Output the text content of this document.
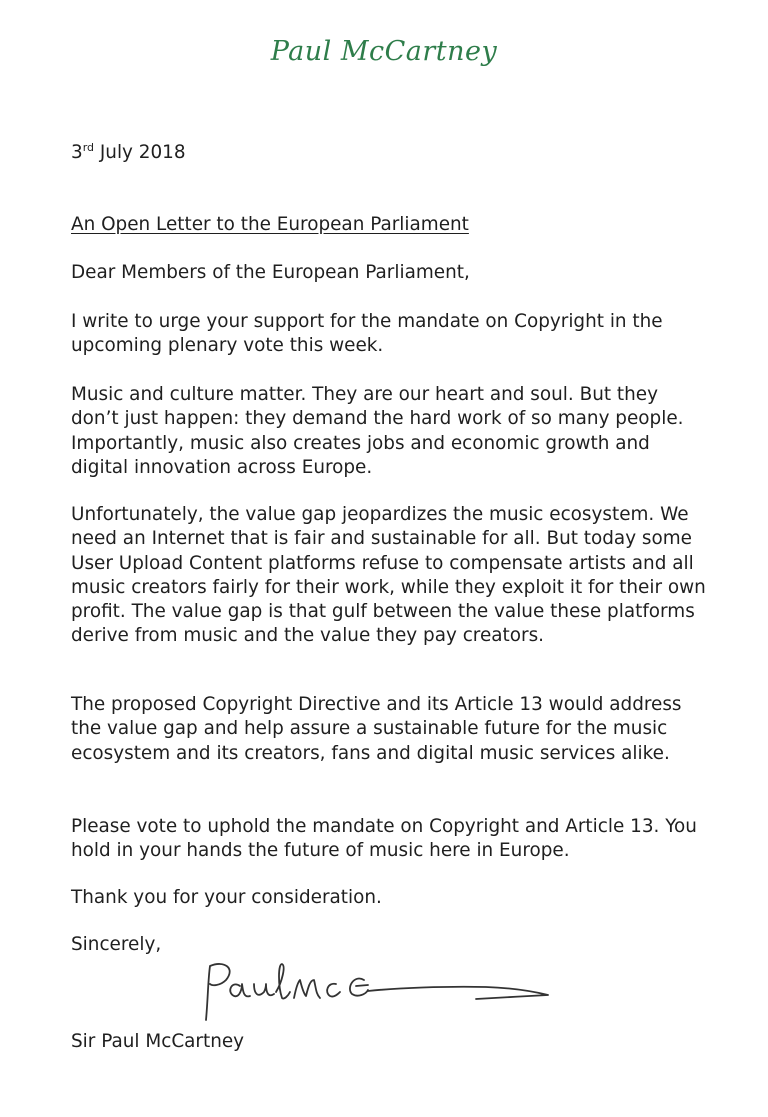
Paul McCartney

3rd July 2018

An Open Letter to the European Parliament

Dear Members of the European Parliament,

I write to urge your support for the mandate on Copyright in the upcoming plenary vote this week.

Music and culture matter. They are our heart and soul. But they don’t just happen: they demand the hard work of so many people. Importantly, music also creates jobs and economic growth and digital innovation across Europe.

Unfortunately, the value gap jeopardizes the music ecosystem. We need an Internet that is fair and sustainable for all. But today some User Upload Content platforms refuse to compensate artists and all music creators fairly for their work, while they exploit it for their own profit. The value gap is that gulf between the value these platforms derive from music and the value they pay creators.

The proposed Copyright Directive and its Article 13 would address the value gap and help assure a sustainable future for the music ecosystem and its creators, fans and digital music services alike.

Please vote to uphold the mandate on Copyright and Article 13. You hold in your hands the future of music here in Europe.

Thank you for your consideration.

Sincerely,

Sir Paul McCartney
